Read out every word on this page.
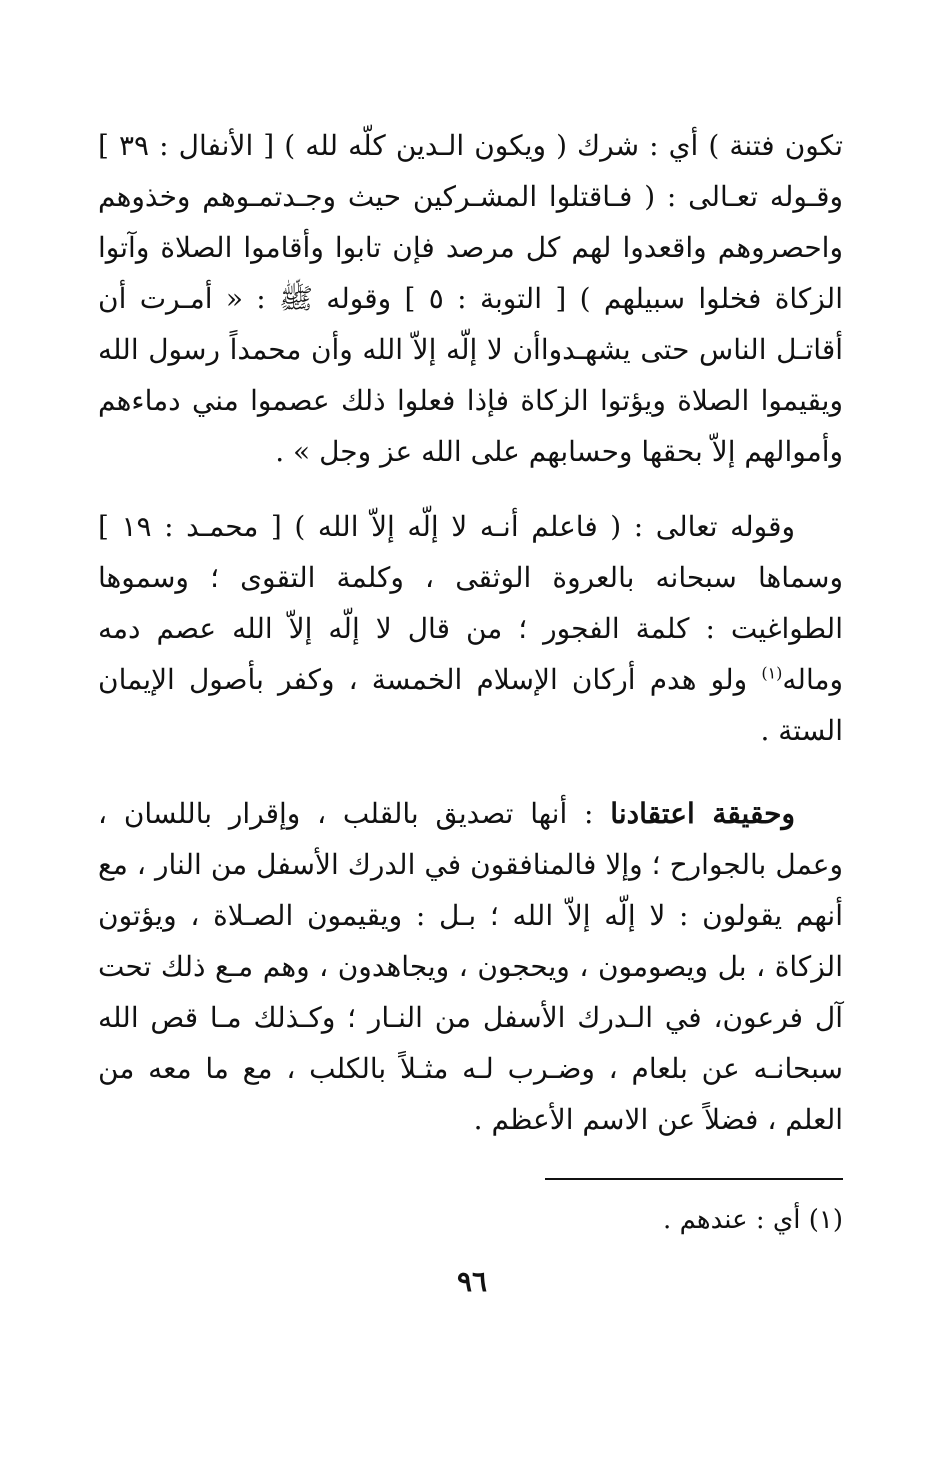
تكون فتنة ) أي : شرك ( ويكون الـدين كلّه لله ) [ الأنفال : ٣٩ ] وقـوله تعـالى : ( فـاقتلوا المشـركين حيث وجـدتمـوهم وخذوهم واحصروهم واقعدوا لهم كل مرصد فإن تابوا وأقاموا الصلاة وآتوا الزكاة فخلوا سبيلهم ) [ التوبة : ٥ ] وقوله ﷺ : « أمـرت أن أقاتـل الناس حتى يشهـدواأن لا إلّه إلاّ الله وأن محمداً رسول الله ويقيموا الصلاة ويؤتوا الزكاة فإذا فعلوا ذلك عصموا مني دماءهم وأموالهم إلاّ بحقها وحسابهم على الله عز وجل » .

وقوله تعالى : ( فاعلم أنـه لا إلّه إلاّ الله ) [ محمـد : ١٩ ] وسماها سبحانه بالعروة الوثقى ، وكلمة التقوى ؛ وسموها الطواغيت : كلمة الفجور ؛ من قال لا إلّه إلاّ الله عصم دمه وماله$^{(١)}$ ولو هدم أركان الإسلام الخمسة ، وكفر بأصول الإيمان الستة .

وحقيقة اعتقادنا : أنها تصديق بالقلب ، وإقرار باللسان ، وعمل بالجوارح ؛ وإلا فالمنافقون في الدرك الأسفل من النار ، مع أنهم يقولون : لا إلّه إلاّ الله ؛ بـل : ويقيمون الصـلاة ، ويؤتون الزكاة ، بل ويصومون ، ويحجون ، ويجاهدون ، وهم مـع ذلك تحت آل فرعون، في الـدرك الأسفل من النـار ؛ وكـذلك مـا قص الله سبحانـه عن بلعام ، وضـرب لـه مثـلاً بالكلب ، مع ما معه من العلم ، فضلاً عن الاسم الأعظم .

(١) أي : عندهم .
٩٦
